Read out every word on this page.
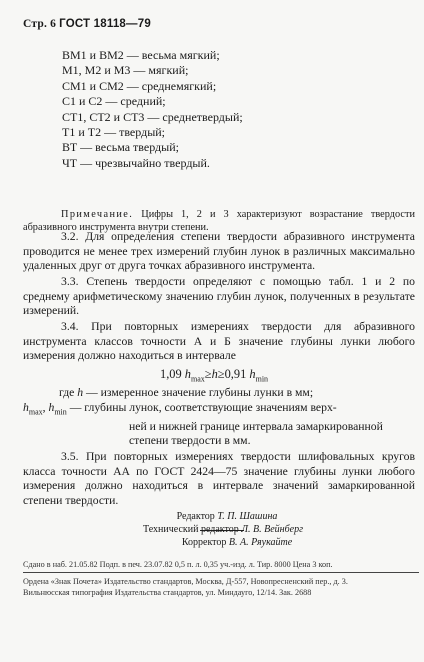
Стр. 6 ГОСТ 18118—79
ВМ1 и ВМ2 — весьма мягкий;
М1, М2 и М3 — мягкий;
СМ1 и СМ2 — среднемягкий;
С1 и С2 — средний;
СТ1, СТ2 и СТ3 — среднетвердый;
Т1 и Т2 — твердый;
ВТ — весьма твердый;
ЧТ — чрезвычайно твердый.
Примечание. Цифры 1, 2 и 3 характеризуют возрастание твердости абразивного инструмента внутри степени.
3.2. Для определения степени твердости абразивного инструмента проводится не менее трех измерений глубин лунок в различных максимально удаленных друг от друга точках абразивного инструмента.
3.3. Степень твердости определяют с помощью табл. 1 и 2 по среднему арифметическому значению глубин лунок, полученных в результате измерений.
1,09 $h_{max}\ge h\ge 0,91$ $h_{min}$
где h — измеренное значение глубины лунки в мм;
$h_{max}$, $h_{min}$ — глубины лунок, соответствующие значениям верх-
ней и нижней границе интервала замаркированной
степени твердости в мм.
Редактор Т. П. Шашина
Технический редактор Л. В. Вейнберг
Корректор В. А. Ряукайте
Сдано в наб. 21.05.82 Подп. в печ. 23.07.82 0,5 п. л. 0,35 уч.-изд. л. Тир. 8000 Цена 3 коп.
Ордена «Знак Почета» Издательство стандартов, Москва, Д-557, Новопресненский пер., д. 3.
Вильнюсская типография Издательства стандартов, ул. Миндауго, 12/14. Зак. 2688
3.4. При повторных измерениях твердости для абразивного инструмента классов точности А и Б значение глубины лунки любого измерения должно находиться в интервале
3.5. При повторных измерениях твердости шлифовальных кругов класса точности АА по ГОСТ 2424—75 значение глубины лунки любого измерения должно находиться в интервале значений замаркированной степени твердости.
